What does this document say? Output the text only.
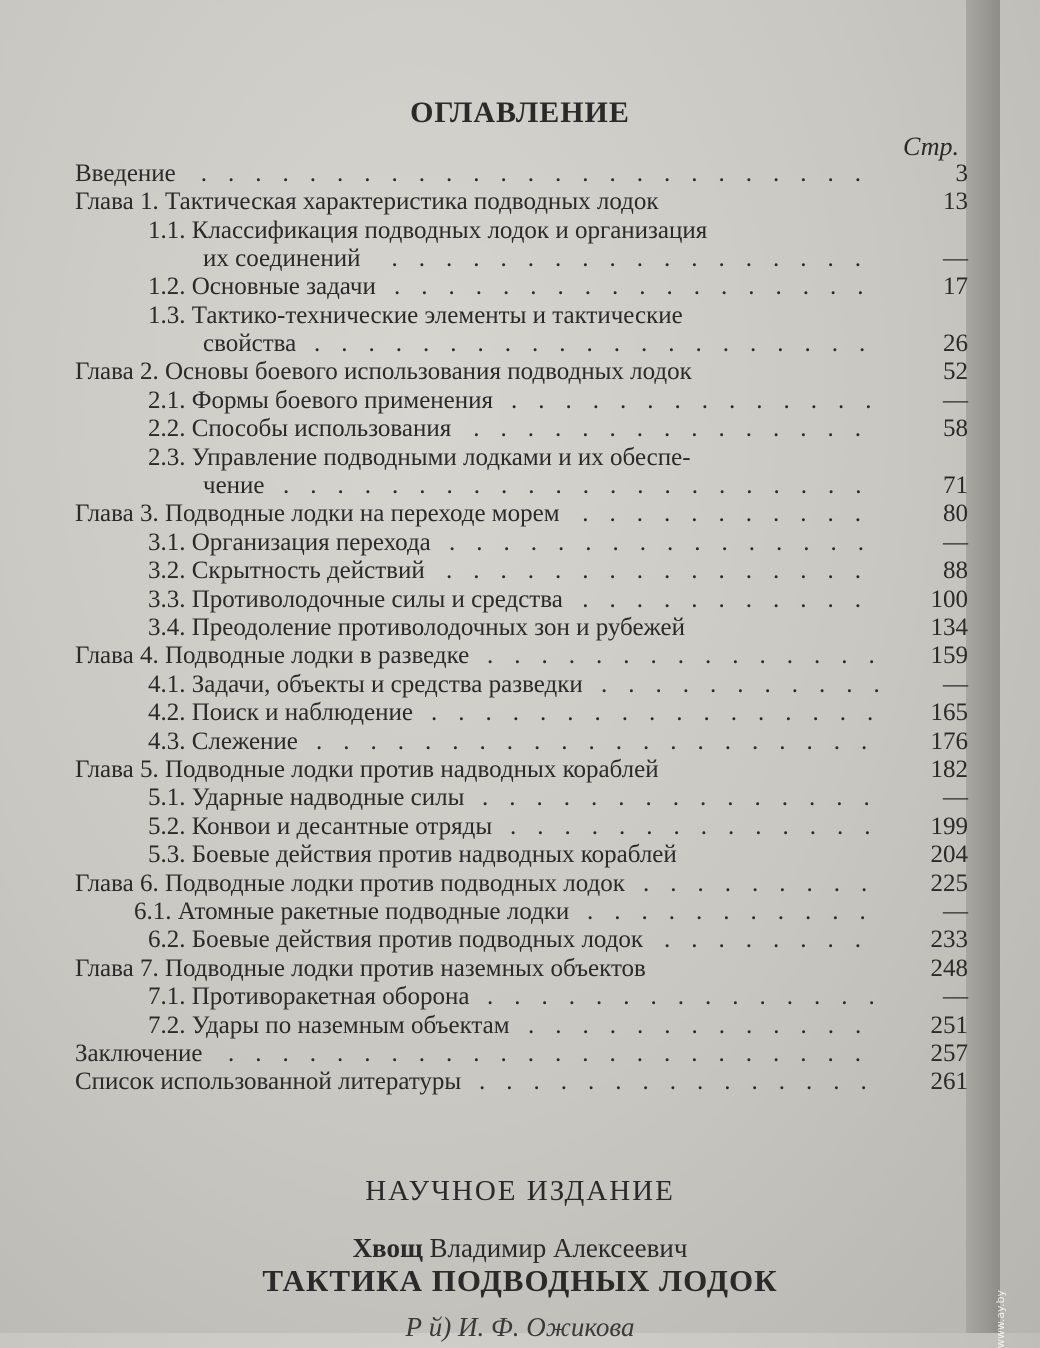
ОГЛАВЛЕНИЕ
Стр.
Введение .........................	3
Глава 1. Тактическая характеристика подводных лодок	13
1.1. Классификация подводных лодок и организация
их соединений	..................	—
1.2. Основные задачи ..................	17
1.3. Тактико-технические элементы и тактические
свойства .....................	26
Глава 2. Основы боевого использования подводных лодок	52
2.1. Формы боевого применения ..............	—
2.2. Способы использования ...............	58
2.3. Управление подводными лодками и их обеспе-
чение ......................	71
Глава 3. Подводные лодки на переходе морем ...........	80
3.1. Организация перехода ................	—
3.2. Скрытность действий ................	88
3.3. Противолодочные силы и средства ...........	100
3.4. Преодоление противолодочных зон и рубежей	134
Глава 4. Подводные лодки в разведке ...............	159
4.1. Задачи, объекты и средства разведки ...........	—
4.2. Поиск и наблюдение .................	165
4.3. Слежение .....................	176
Глава 5. Подводные лодки против надводных кораблей	182
5.1. Ударные надводные силы ...............	—
5.2. Конвои и десантные отряды ..............	199
5.3. Боевые действия против надводных кораблей	204
Глава 6. Подводные лодки против подводных лодок .........	225
6.1. Атомные ракетные подводные лодки ...........	—
6.2. Боевые действия против подводных лодок ........	233
Глава 7. Подводные лодки против наземных объектов	248
7.1. Противоракетная оборона ...............	—
7.2. Удары по наземным объектам .............	251
Заключение ........................	257
Список использованной литературы ...............	261
НАУЧНОЕ ИЗДАНИЕ
Хвощ Владимир Алексеевич
ТАКТИКА ПОДВОДНЫХ ЛОДОК
Р й) И. Ф. Ожикова	www.ay.by
